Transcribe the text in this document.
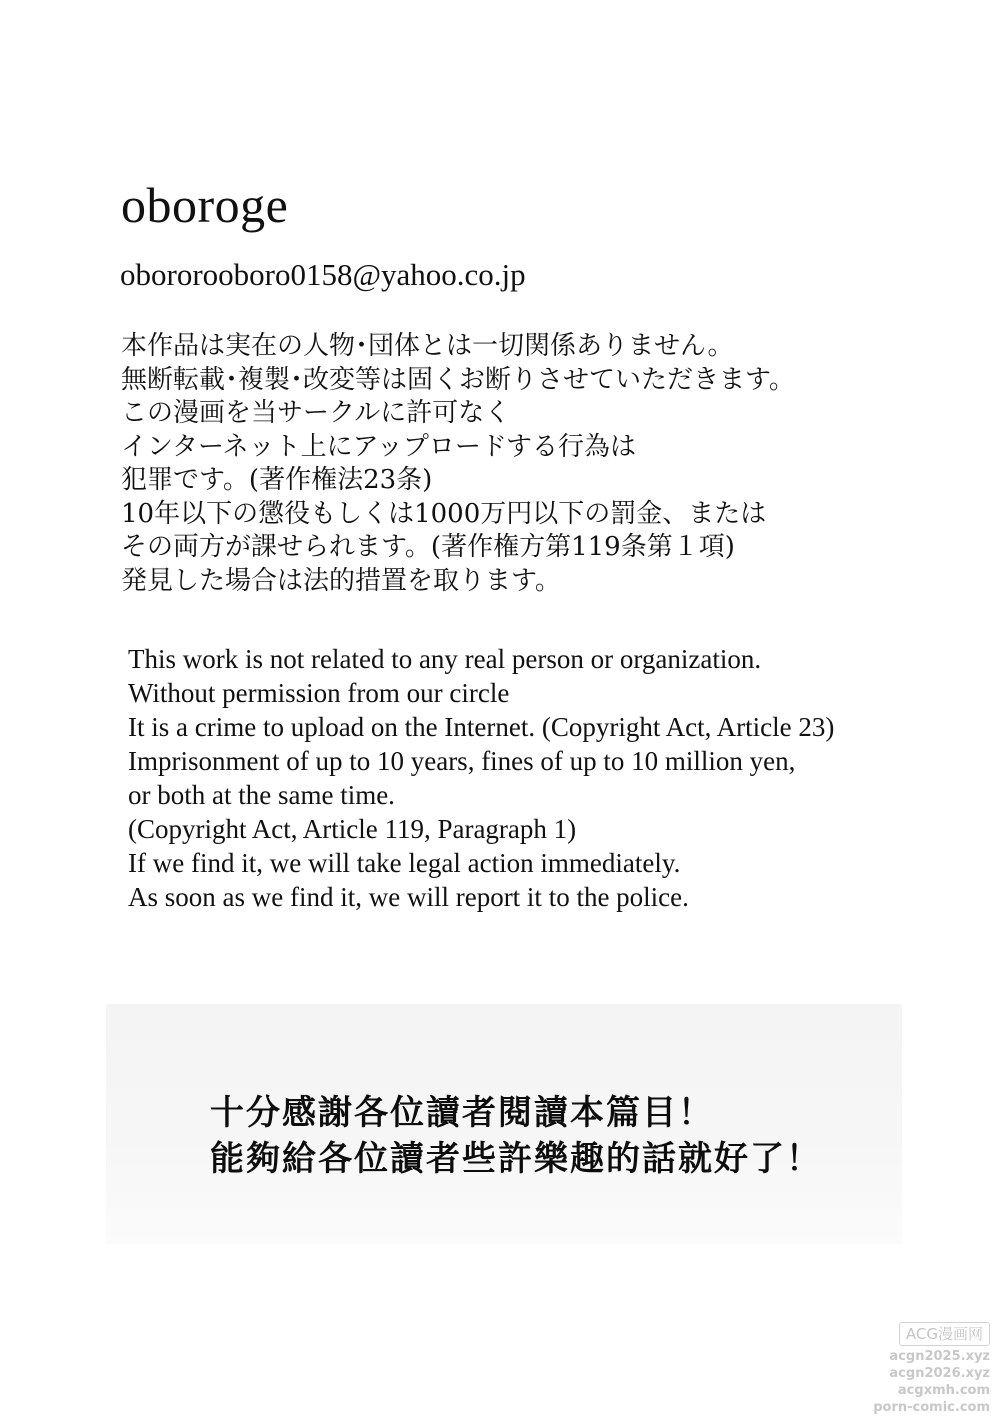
oboroge
obororooboro0158@yahoo.co.jp
本作品は実在の人物･団体とは一切関係ありません。
無断転載･複製･改変等は固くお断りさせていただきます。
この漫画を当サークルに許可なく
インターネット上にアップロードする行為は
犯罪です。(著作権法23条)
10年以下の懲役もしくは1000万円以下の罰金、または
その両方が課せられます。(著作権方第119条第１項)
発見した場合は法的措置を取ります。
This work is not related to any real person or organization.
Without permission from our circle
It is a crime to upload on the Internet. (Copyright Act, Article 23)
Imprisonment of up to 10 years, fines of up to 10 million yen,
or both at the same time.
(Copyright Act, Article 119, Paragraph 1)
If we find it, we will take legal action immediately.
As soon as we find it, we will report it to the police.
十分感謝各位讀者閱讀本篇目！
能夠給各位讀者些許樂趣的話就好了！
ACG漫画网
acgn2025.xyz
acgn2026.xyz
acgxmh.com
porn-comic.com
